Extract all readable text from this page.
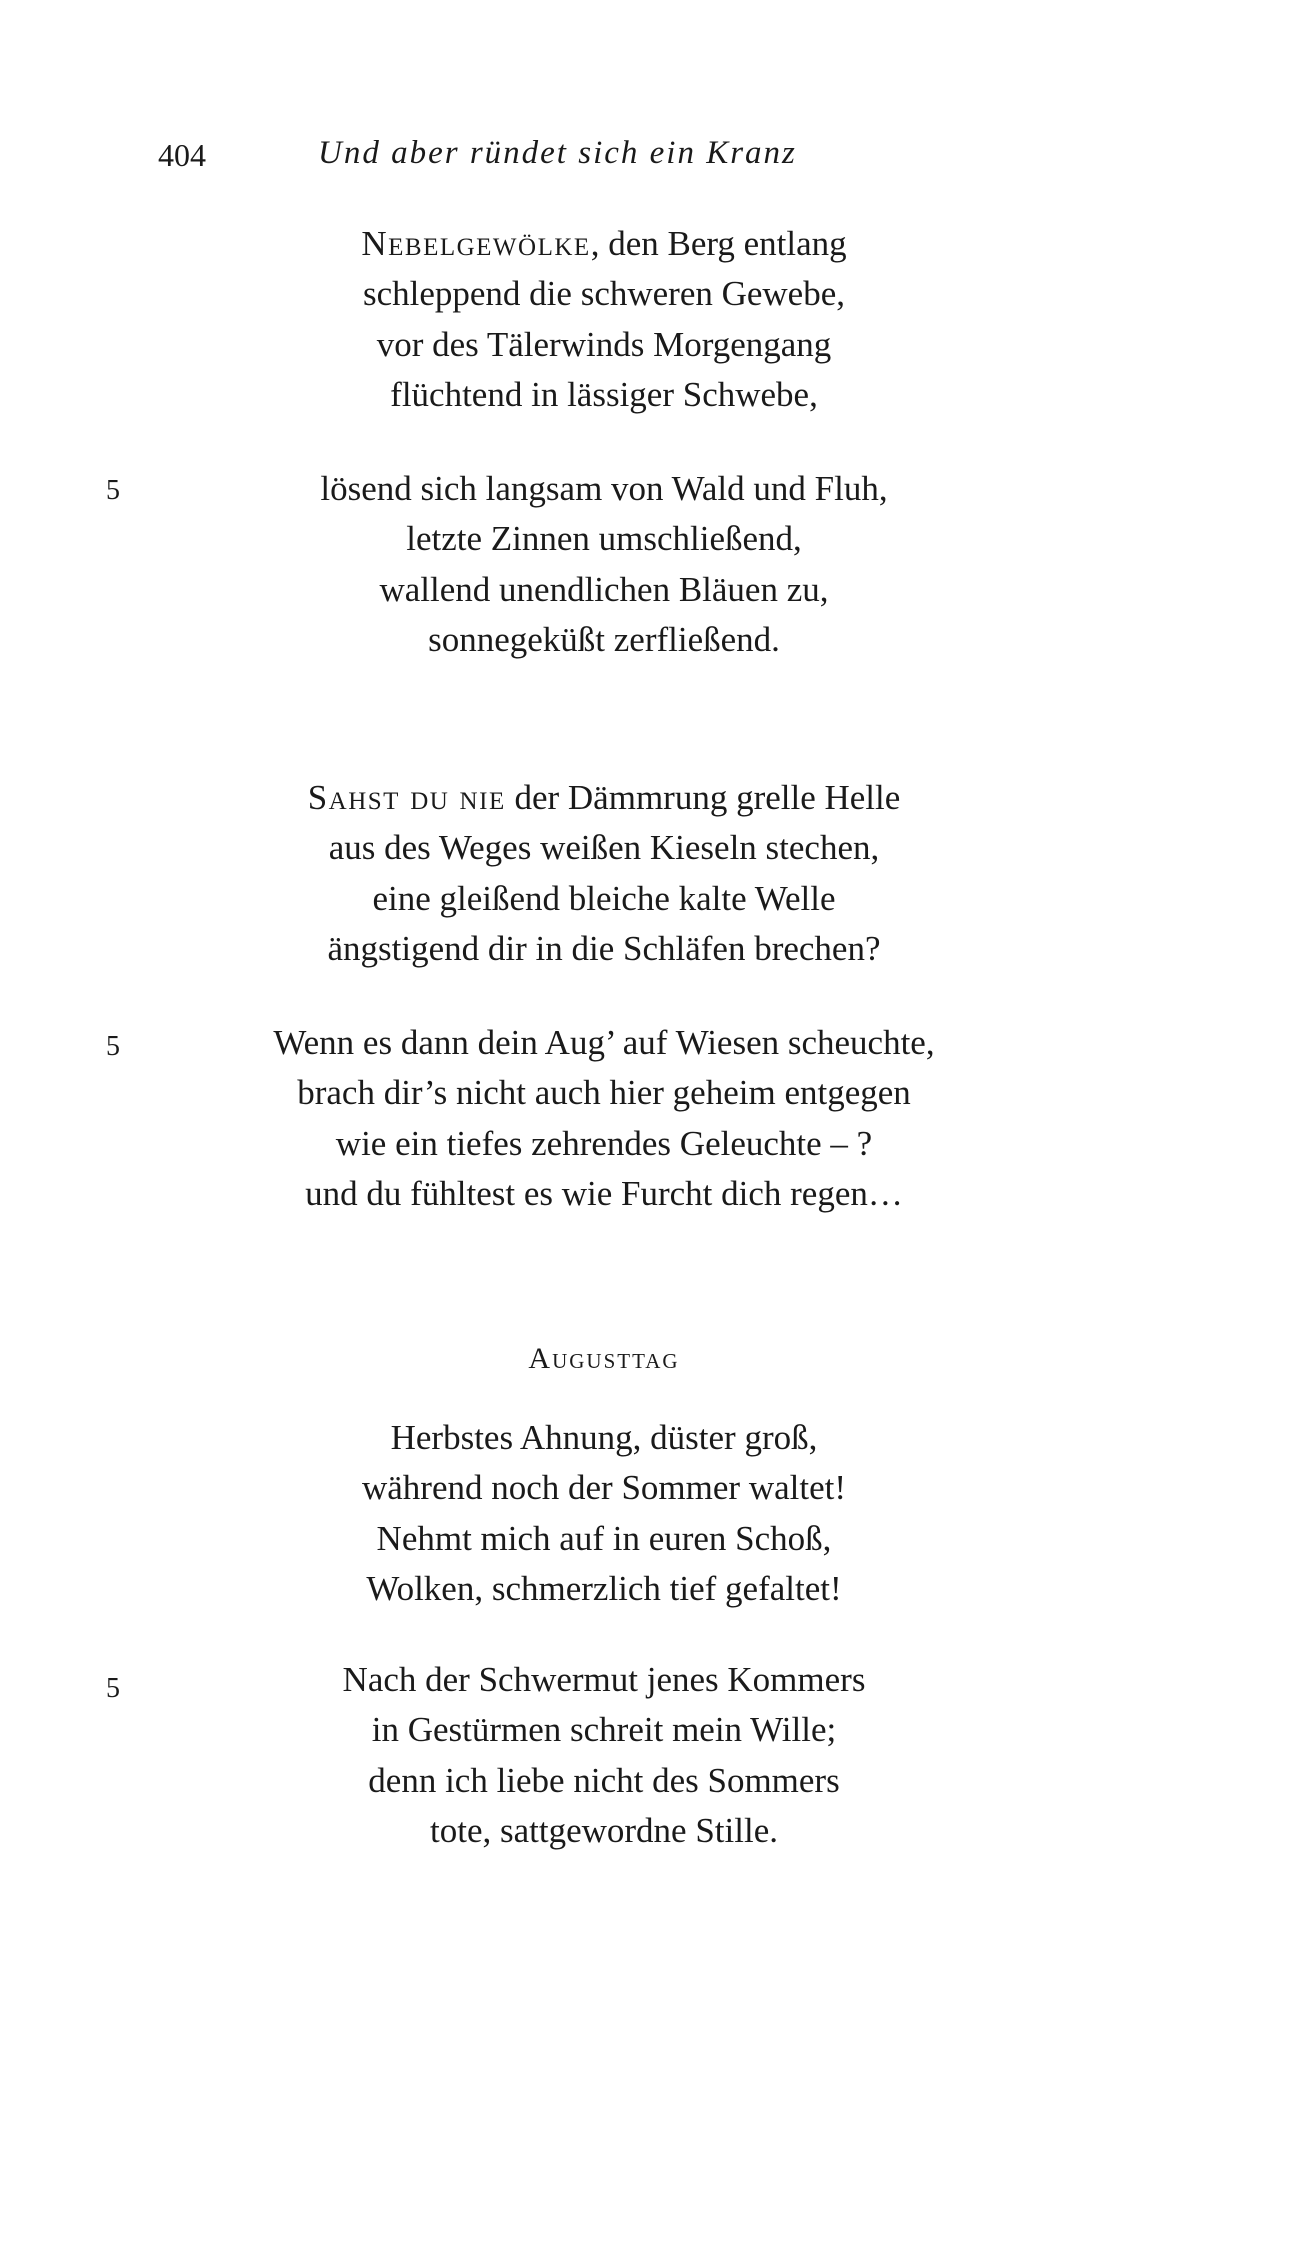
404	Und aber ründet sich ein Kranz
Nebelgewölke, den Berg entlang
schleppend die schweren Gewebe,
vor des Tälerwinds Morgengang
flüchtend in lässiger Schwebe,
5	lösend sich langsam von Wald und Fluh,
letzte Zinnen umschließend,
wallend unendlichen Bläuen zu,
sonnegeküßt zerfließend.
Sahst du nie der Dämmrung grelle Helle
aus des Weges weißen Kieseln stechen,
eine gleißend bleiche kalte Welle
ängstigend dir in die Schläfen brechen?
5	Wenn es dann dein Aug’ auf Wiesen scheuchte,
brach dir’s nicht auch hier geheim entgegen
wie ein tiefes zehrendes Geleuchte – ?
und du fühltest es wie Furcht dich regen…
Augusttag
Herbstes Ahnung, düster groß,
während noch der Sommer waltet!
Nehmt mich auf in euren Schoß,
Wolken, schmerzlich tief gefaltet!
5	Nach der Schwermut jenes Kommers
in Gestürmen schreit mein Wille;
denn ich liebe nicht des Sommers
tote, sattgewordne Stille.
